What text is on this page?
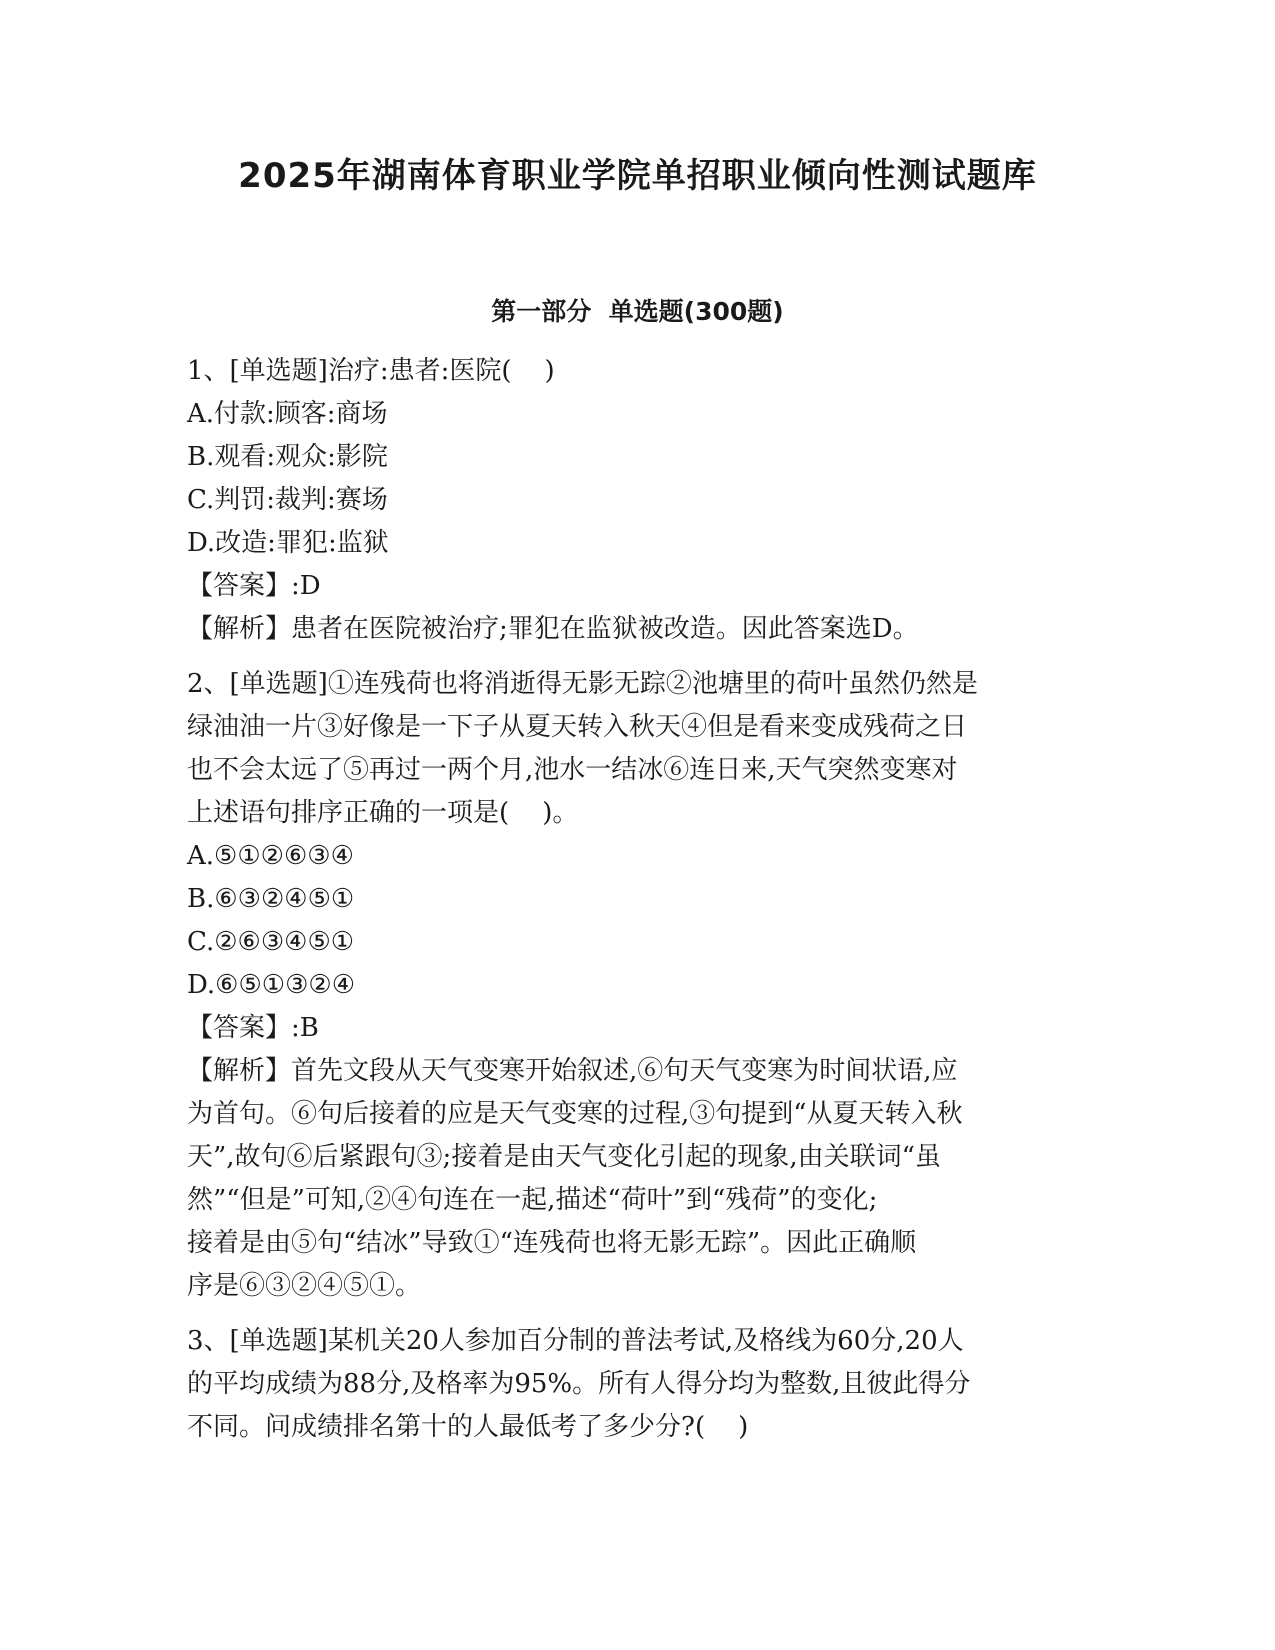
2025年湖南体育职业学院单招职业倾向性测试题库
第一部分  单选题(300题)
1、[单选题]治疗:患者:医院(    )
A.付款:顾客:商场
B.观看:观众:影院
C.判罚:裁判:赛场
D.改造:罪犯:监狱
【答案】:D
【解析】患者在医院被治疗;罪犯在监狱被改造。因此答案选D。
2、[单选题]①连残荷也将消逝得无影无踪②池塘里的荷叶虽然仍然是
绿油油一片③好像是一下子从夏天转入秋天④但是看来变成残荷之日
也不会太远了⑤再过一两个月,池水一结冰⑥连日来,天气突然变寒对
上述语句排序正确的一项是(    )。
A.⑤①②⑥③④
B.⑥③②④⑤①
C.②⑥③④⑤①
D.⑥⑤①③②④
【答案】:B
【解析】首先文段从天气变寒开始叙述,⑥句天气变寒为时间状语,应
为首句。⑥句后接着的应是天气变寒的过程,③句提到“从夏天转入秋
天”,故句⑥后紧跟句③;接着是由天气变化引起的现象,由关联词“虽
然”“但是”可知,②④句连在一起,描述“荷叶”到“残荷”的变化;
接着是由⑤句“结冰”导致①“连残荷也将无影无踪”。因此正确顺
序是⑥③②④⑤①。
3、[单选题]某机关20人参加百分制的普法考试,及格线为60分,20人
的平均成绩为88分,及格率为95%。所有人得分均为整数,且彼此得分
不同。问成绩排名第十的人最低考了多少分?(    )
